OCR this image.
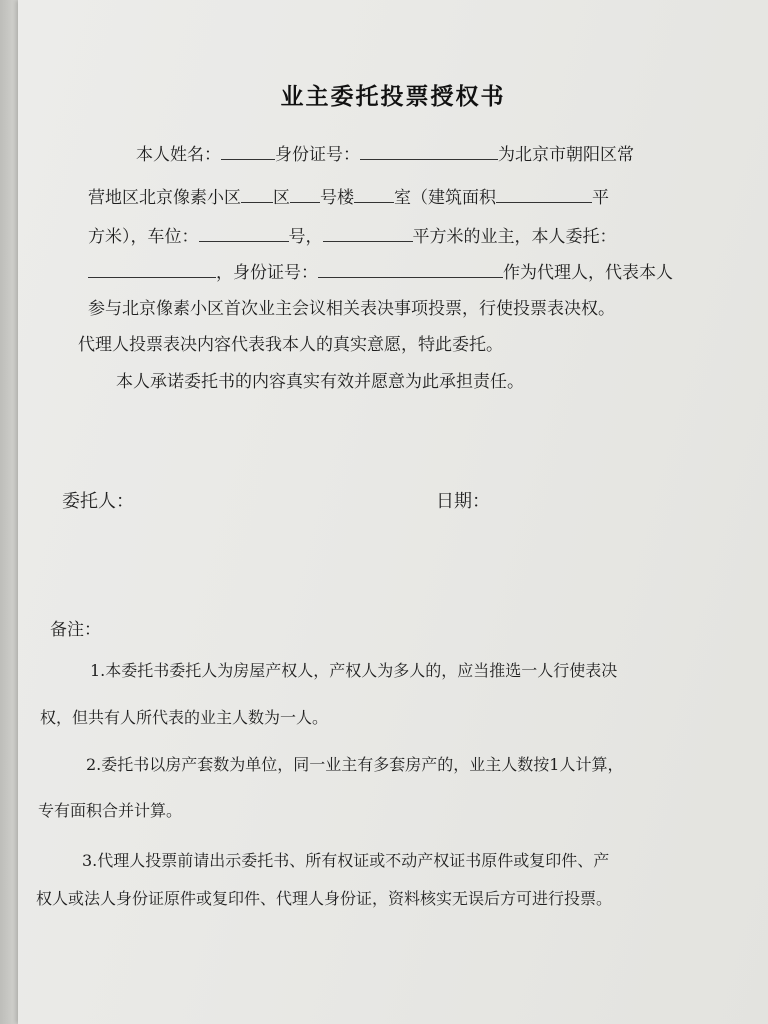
业主委托投票授权书
本人姓名：	身份证号：	为北京市朝阳区常
营地区北京像素小区 区 号楼 室（建筑面积	平
方米），车位：	号，	平方米的业主，本人委托：
，身份证号：	作为代理人，代表本人
参与北京像素小区首次业主会议相关表决事项投票，行使投票表决权。
代理人投票表决内容代表我本人的真实意愿，特此委托。
本人承诺委托书的内容真实有效并愿意为此承担责任。
委托人：	日期：
备注：
1.本委托书委托人为房屋产权人，产权人为多人的，应当推选一人行使表决
权，但共有人所代表的业主人数为一人。
2.委托书以房产套数为单位，同一业主有多套房产的，业主人数按1人计算，
专有面积合并计算。
3.代理人投票前请出示委托书、所有权证或不动产权证书原件或复印件、产
权人或法人身份证原件或复印件、代理人身份证，资料核实无误后方可进行投票。
